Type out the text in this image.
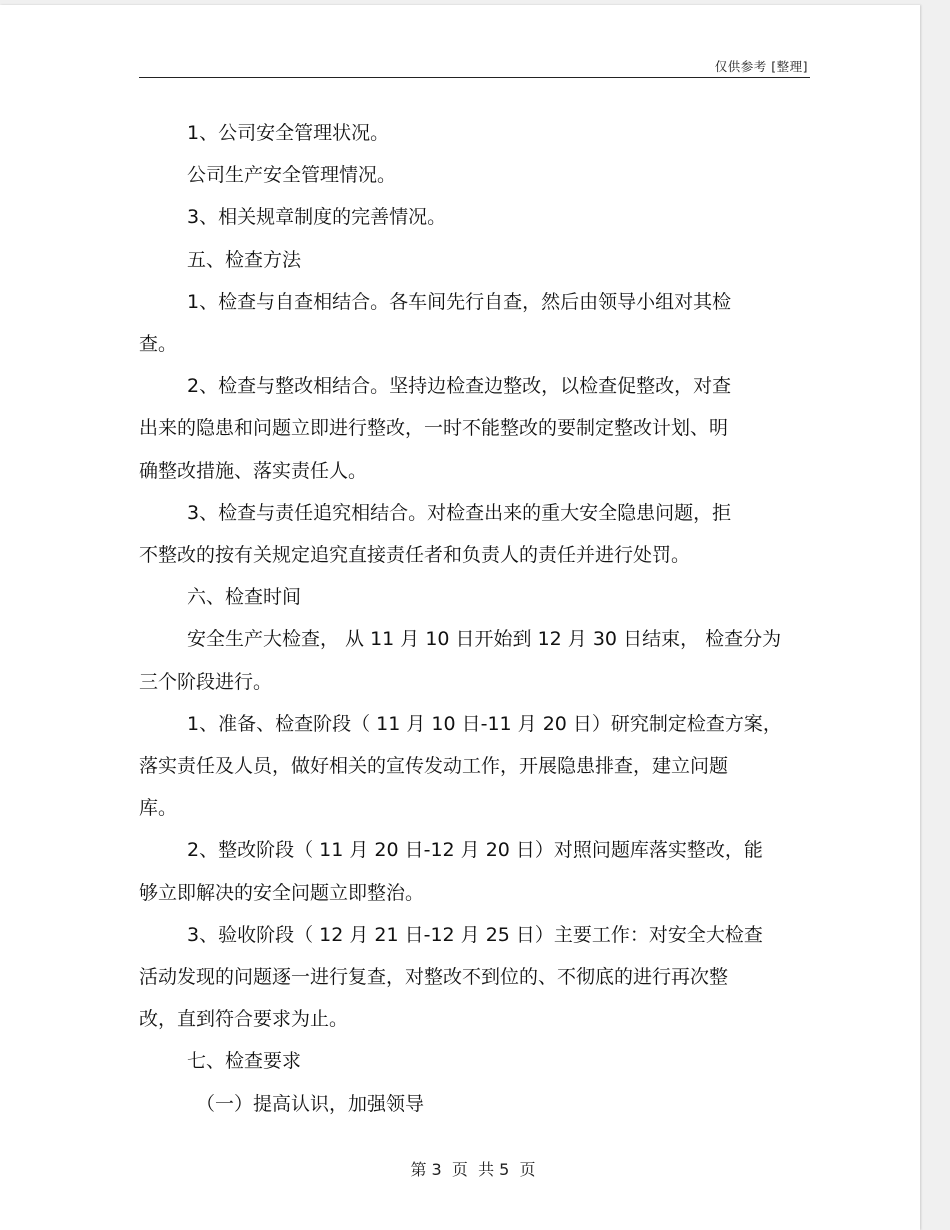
仅供参考 [整理]

1、公司安全管理状况。

公司生产安全管理情况。

3、相关规章制度的完善情况。

五、检查方法

1、检查与自查相结合。各车间先行自查，然后由领导小组对其检

查。

2、检查与整改相结合。坚持边检查边整改，以检查促整改，对查

出来的隐患和问题立即进行整改，一时不能整改的要制定整改计划、明

确整改措施、落实责任人。

3、检查与责任追究相结合。对检查出来的重大安全隐患问题，拒

不整改的按有关规定追究直接责任者和负责人的责任并进行处罚。

六、检查时间

安全生产大检查， 从 11 月 10 日开始到 12 月 30 日结束， 检查分为

三个阶段进行。

1、准备、检查阶段（ 11 月 10 日-11 月 20 日）研究制定检查方案，

落实责任及人员，做好相关的宣传发动工作，开展隐患排查，建立问题

库。

2、整改阶段（ 11 月 20 日-12 月 20 日）对照问题库落实整改，能

够立即解决的安全问题立即整治。

3、验收阶段（ 12 月 21 日-12 月 25 日）主要工作：对安全大检查

活动发现的问题逐一进行复查，对整改不到位的、不彻底的进行再次整

改，直到符合要求为止。

七、检查要求

（一）提高认识，加强领导

第 3  页  共 5  页
